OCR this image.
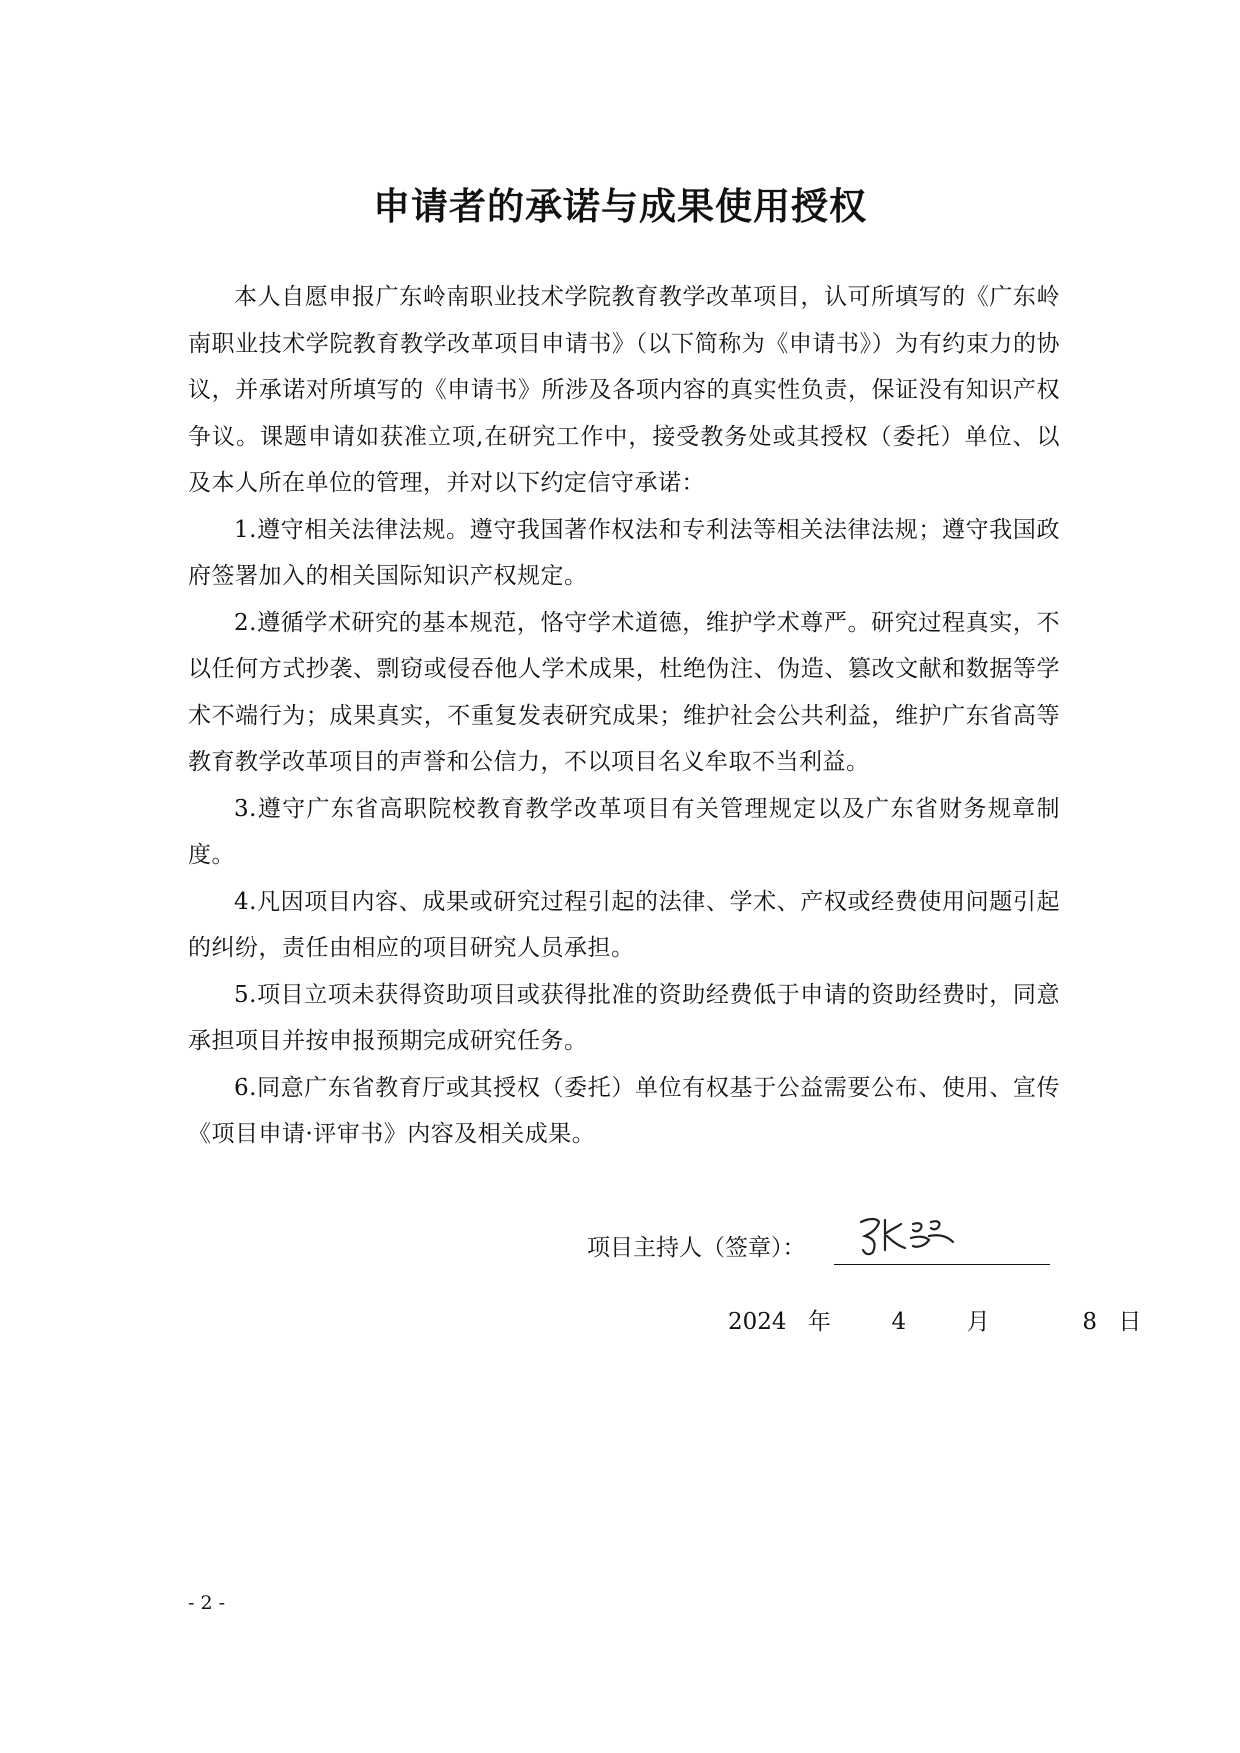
申请者的承诺与成果使用授权

本人自愿申报广东岭南职业技术学院教育教学改革项目，认可所填写的《广东岭南职业技术学院教育教学改革项目申请书》（以下简称为《申请书》）为有约束力的协议，并承诺对所填写的《申请书》所涉及各项内容的真实性负责，保证没有知识产权争议。课题申请如获准立项,在研究工作中，接受教务处或其授权（委托）单位、以及本人所在单位的管理，并对以下约定信守承诺：

1.遵守相关法律法规。遵守我国著作权法和专利法等相关法律法规；遵守我国政府签署加入的相关国际知识产权规定。

2.遵循学术研究的基本规范，恪守学术道德，维护学术尊严。研究过程真实，不以任何方式抄袭、剽窃或侵吞他人学术成果，杜绝伪注、伪造、篡改文献和数据等学术不端行为；成果真实，不重复发表研究成果；维护社会公共利益，维护广东省高等教育教学改革项目的声誉和公信力，不以项目名义牟取不当利益。

3.遵守广东省高职院校教育教学改革项目有关管理规定以及广东省财务规章制度。

4.凡因项目内容、成果或研究过程引起的法律、学术、产权或经费使用问题引起的纠纷，责任由相应的项目研究人员承担。

5.项目立项未获得资助项目或获得批准的资助经费低于申请的资助经费时，同意承担项目并按申报预期完成研究任务。

6.同意广东省教育厅或其授权（委托）单位有权基于公益需要公布、使用、宣传《项目申请·评审书》内容及相关成果。

项目主持人（签章）：
2024 年	4	月	8 日
- 2 -
